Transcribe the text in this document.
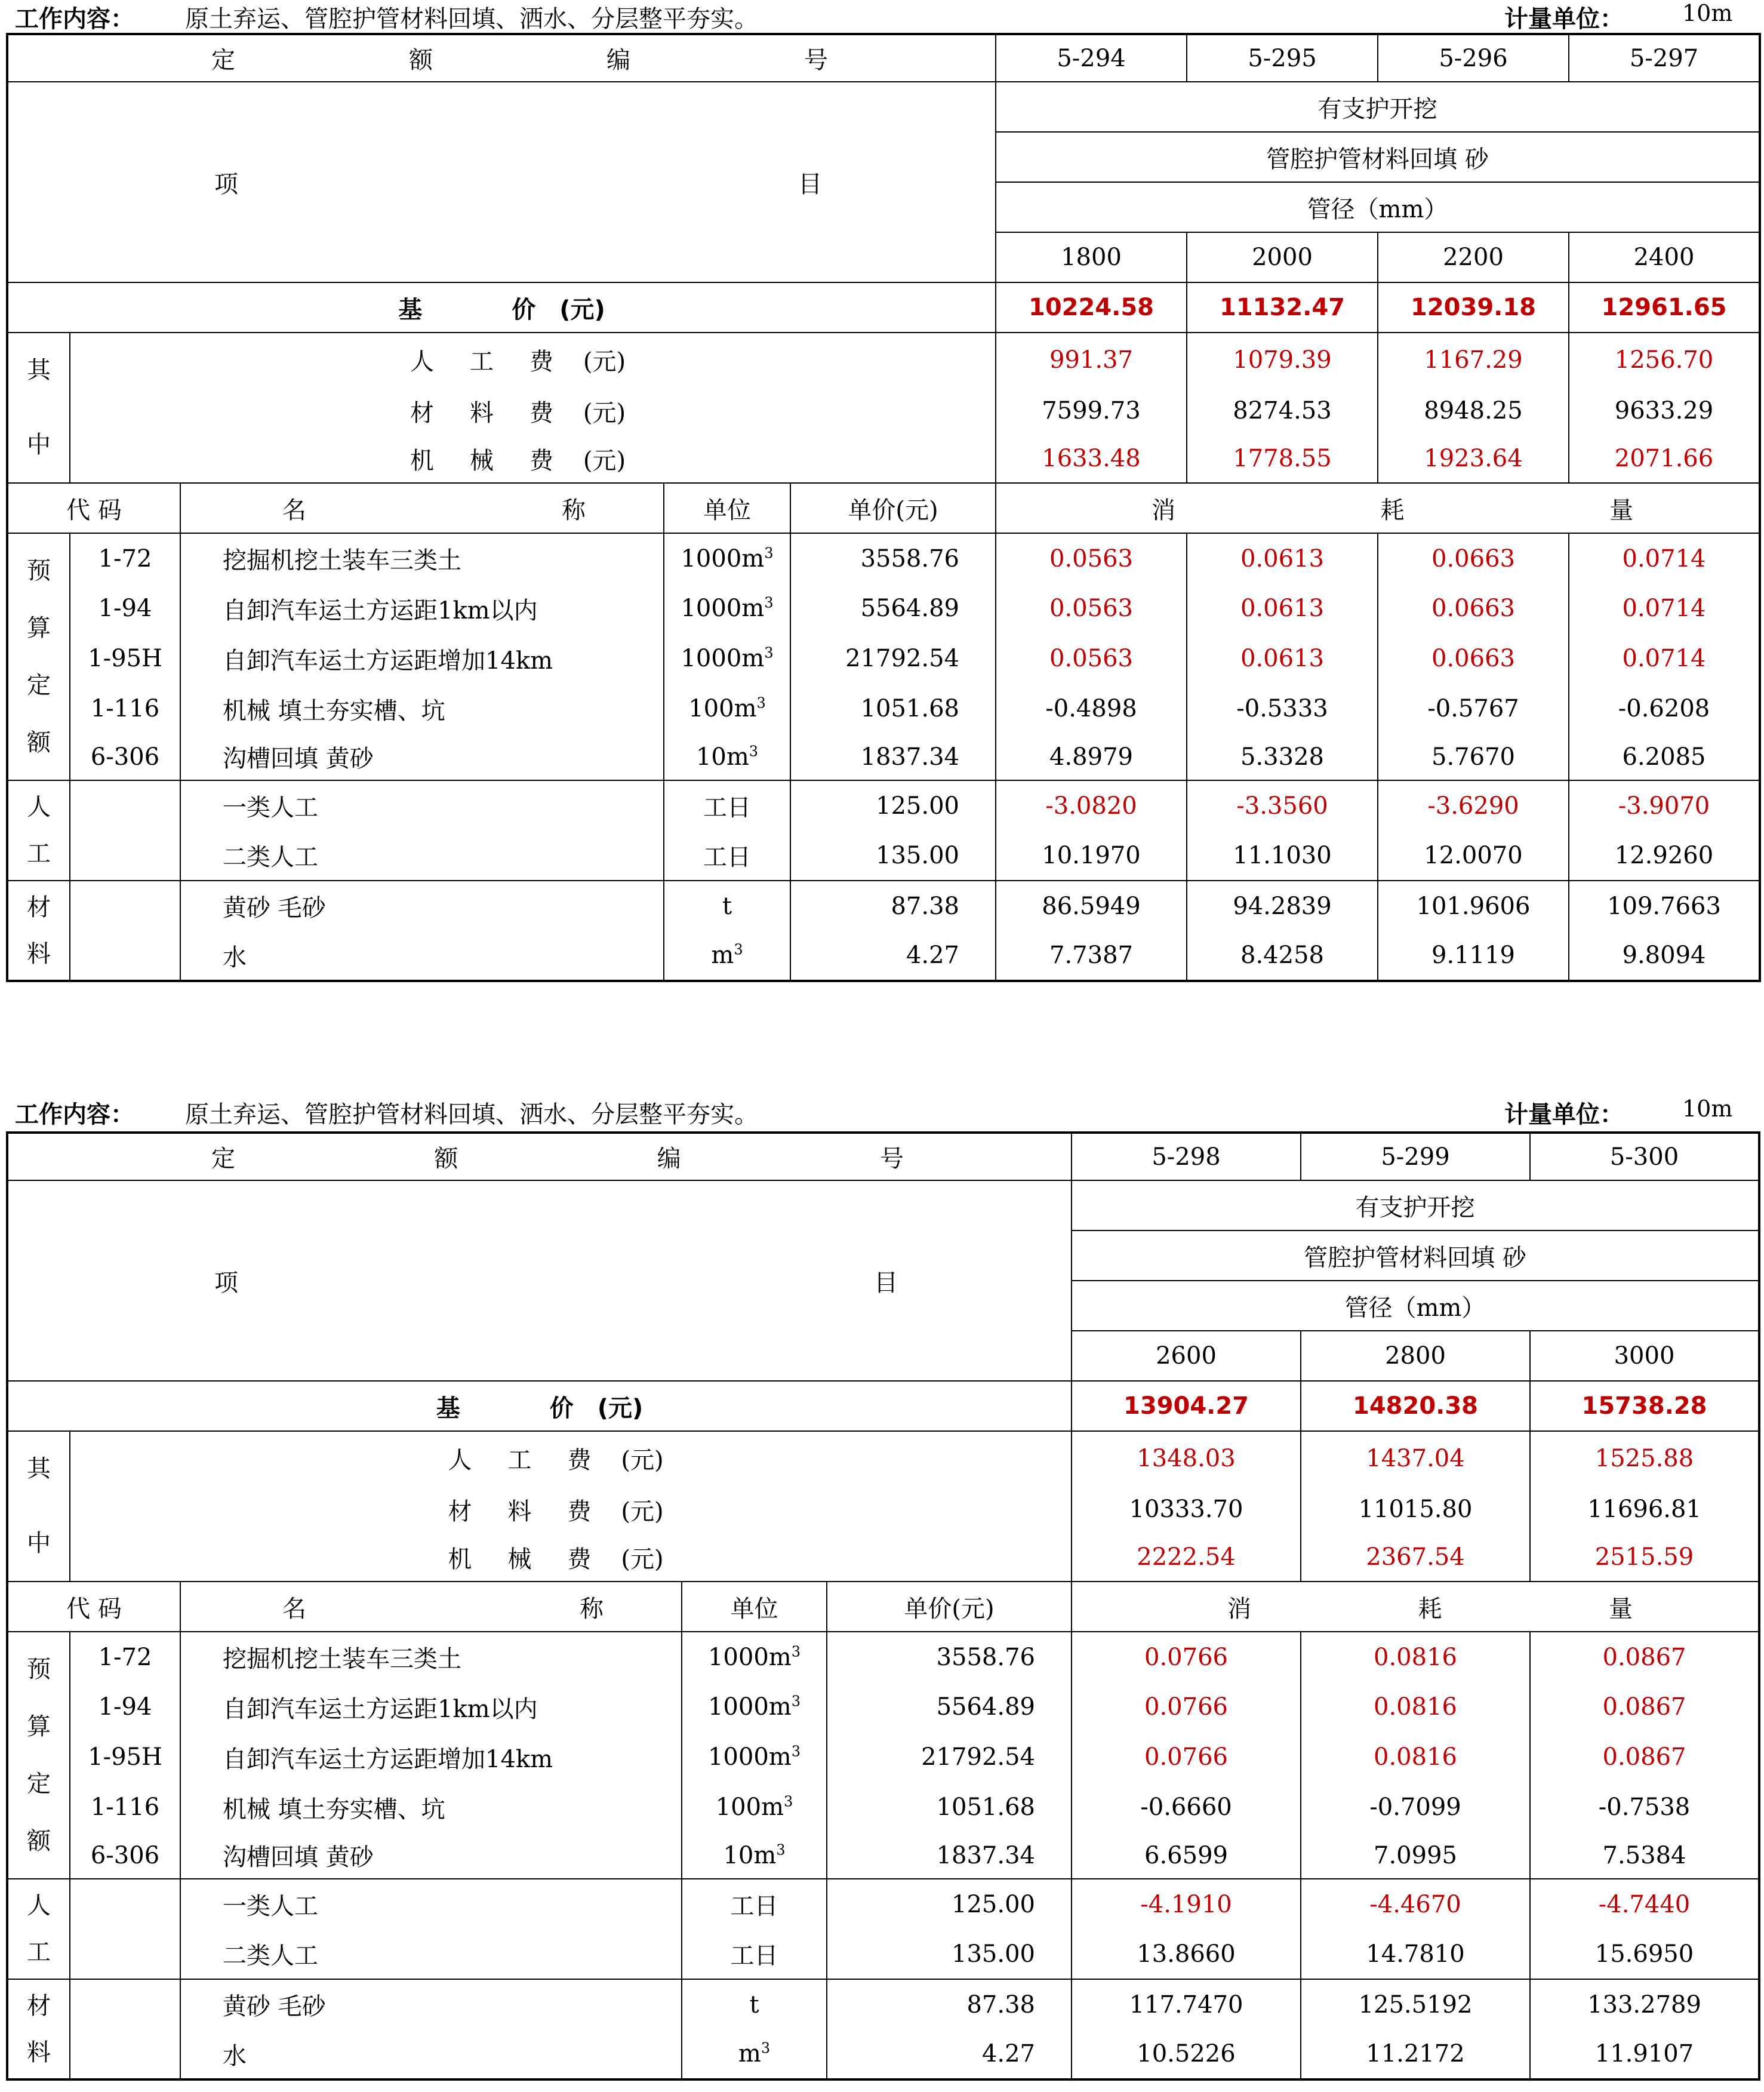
工作内容： 原土弃运、管腔护管材料回填、洒水、分层整平夯实。	计量单位：	10m
定 额 编 号					5-294	5-295	5-296	5-297

项 目					有支护开挖			
					管腔护管材料回填 砂			
					管径（mm）			
					1800	2000	2200	2400

基 价 (元)					10224.58	11132.47	12039.18	12961.65

其
中	人 工 费 (元)				991.37	1079.39	1167.29	1256.70

	材 料 费 (元)				7599.73	8274.53	8948.25	9633.29

	机 械 费 (元)				1633.48	1778.55	1923.64	2071.66
代 码		名 称	单位	单价(元)	消 耗 量			

预
算
定
额	1-72	挖掘机挖土装车三类土	$1000m^3$	3558.76	0.0563	0.0613	0.0663	0.0714
	1-94	自卸汽车运土方运距1km以内	$1000m^3$	5564.89	0.0563	0.0613	0.0663	0.0714
	1-95H	自卸汽车运土方运距增加14km	$1000m^3$	21792.54	0.0563	0.0613	0.0663	0.0714
	1-116	机械 填土夯实槽、坑	$100m^3$	1051.68	-0.4898	-0.5333	-0.5767	-0.6208
	6-306	沟槽回填 黄砂	$10m^3$	1837.34	4.8979	5.3328	5.7670	6.2085

人
工		一类人工	工日	125.00	-3.0820	-3.3560	-3.6290	-3.9070
		二类人工	工日	135.00	10.1970	11.1030	12.0070	12.9260

材
料		黄砂 毛砂	t	87.38	86.5949	94.2839	101.9606	109.7663
		水	$m^3$	4.27	7.7387	8.4258	9.1119	9.8094
工作内容： 原土弃运、管腔护管材料回填、洒水、分层整平夯实。	计量单位：	10m
定 额 编 号					5-298	5-299	5-300

项 目					有支护开挖		
					管腔护管材料回填 砂		
					管径（mm）		
					2600	2800	3000

基 价 (元)					13904.27	14820.38	15738.28

其
中	人 工 费 (元)				1348.03	1437.04	1525.88

	材 料 费 (元)				10333.70	11015.80	11696.81

	机 械 费 (元)				2222.54	2367.54	2515.59
代 码		名 称	单位	单价(元)	消 耗 量		

预
算
定
额	1-72	挖掘机挖土装车三类土	$1000m^3$	3558.76	0.0766	0.0816	0.0867
	1-94	自卸汽车运土方运距1km以内	$1000m^3$	5564.89	0.0766	0.0816	0.0867
	1-95H	自卸汽车运土方运距增加14km	$1000m^3$	21792.54	0.0766	0.0816	0.0867
	1-116	机械 填土夯实槽、坑	$100m^3$	1051.68	-0.6660	-0.7099	-0.7538
	6-306	沟槽回填 黄砂	$10m^3$	1837.34	6.6599	7.0995	7.5384

人
工		一类人工	工日	125.00	-4.1910	-4.4670	-4.7440
		二类人工	工日	135.00	13.8660	14.7810	15.6950

材
料		黄砂 毛砂	t	87.38	117.7470	125.5192	133.2789
		水	$m^3$	4.27	10.5226	11.2172	11.9107
